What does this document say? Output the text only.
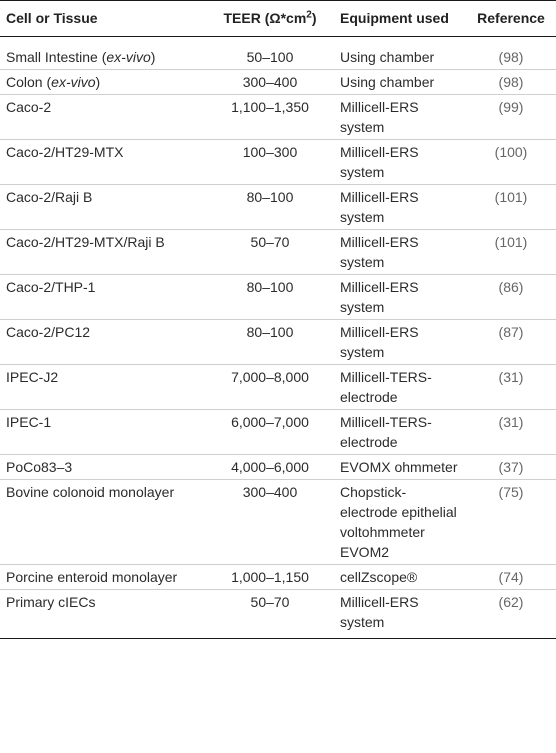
Cell or Tissue	TEER $(\Omega*cm^2)$	Equipment used	Reference
Small Intestine (ex-vivo)	50–100	Using chamber	(98)
Colon (ex-vivo)	300–400	Using chamber	(98)
Caco-2	1,100–1,350	Millicell-ERS system	(99)
Caco-2/HT29-MTX	100–300	Millicell-ERS system	(100)
Caco-2/Raji B	80–100	Millicell-ERS system	(101)
Caco-2/HT29-MTX/Raji B	50–70	Millicell-ERS system	(101)
Caco-2/THP-1	80–100	Millicell-ERS system	(86)
Caco-2/PC12	80–100	Millicell-ERS system	(87)
IPEC-J2	7,000–8,000	Millicell-TERS-electrode	(31)
IPEC-1	6,000–7,000	Millicell-TERS-electrode	(31)
PoCo83–3	4,000–6,000	EVOMX ohmmeter	(37)
Bovine colonoid monolayer	300–400	Chopstick-electrode epithelial voltohmmeter EVOM2	(75)
Porcine enteroid monolayer	1,000–1,150	cellZscope®	(74)
Primary cIECs	50–70	Millicell-ERS system	(62)
